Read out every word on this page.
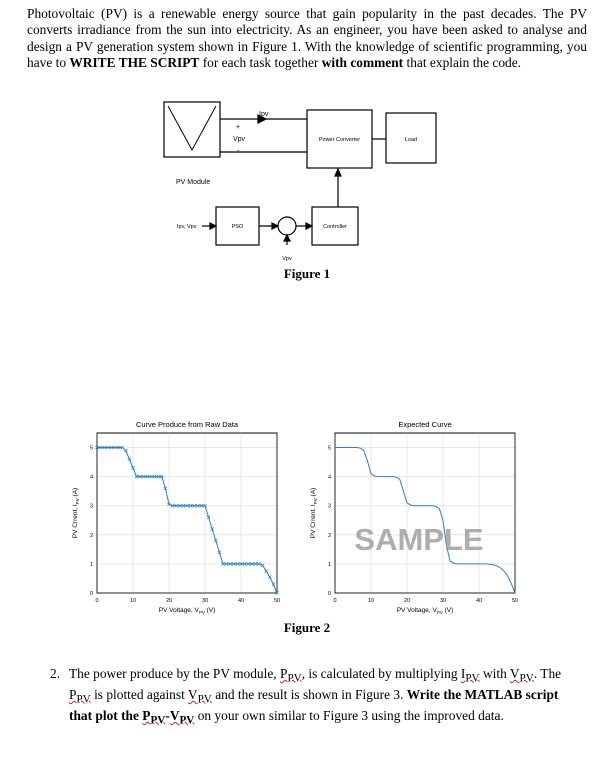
Photovoltaic (PV) is a renewable energy source that gain popularity in the past decades. The PV converts irradiance from the sun into electricity. As an engineer, you have been asked to analyse and design a PV generation system shown in Figure 1. With the knowledge of scientific programming, you have to WRITE THE SCRIPT for each task together with comment that explain the code.

Ipv
+
Vpv
-
Power Converter	Load
PV Module
Ipv, Vpv	PSO	Controller
Vpv
Figure 1
0	10	20	30	40	50
0
1
2
3
4
5
Curve Produce from Raw Data
PV Voltage, $V_{PV}$ (V)
PV Crrent, $I_{PV}$ (A)
0	10	20	30	40	50
0
1
2
3
4
5
Expected Curve
PV Voltage, $V_{PV}$ (V)
PV Crrent, $I_{PV}$ (A)
SAMPLE
Figure 2
2. The power produce by the PV module, $P_{PV}$, is calculated by multiplying $I_{PV}$ with $V_{PV}$. The $P_{PV}$ is plotted against $V_{PV}$ and the result is shown in Figure 3. Write the MATLAB script that plot the $P_{PV}-V_{PV}$ on your own similar to Figure 3 using the improved data.
